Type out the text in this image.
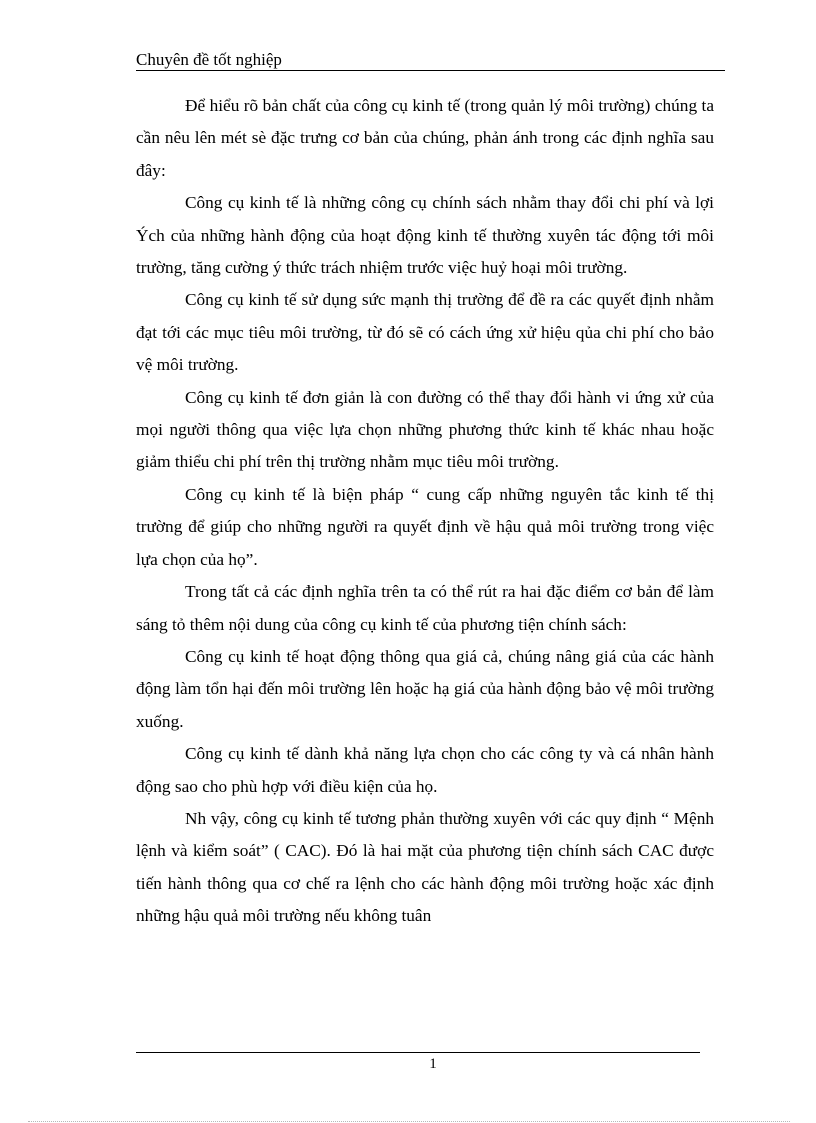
Chuyên đề tốt nghiệp

Để hiểu rõ bản chất của công cụ kinh tế (trong quản lý môi trường) chúng ta cần nêu lên mét sè đặc trưng cơ bản của chúng, phản ánh trong các định nghĩa sau đây:

Công cụ kinh tế là những công cụ chính sách nhằm thay đổi chi phí và lợi Ých của những hành động của hoạt động kinh tế thường xuyên tác động tới môi trường, tăng cường ý thức trách nhiệm trước việc huỷ hoại môi trường.

Công cụ kinh tế sử dụng sức mạnh thị trường để đề ra các quyết định nhằm đạt tới các mục tiêu môi trường, từ đó sẽ có cách ứng xử hiệu qủa chi phí cho bảo vệ môi trường.

Công cụ kinh tế đơn giản là con đường có thể thay đổi hành vi ứng xử của mọi người thông qua việc lựa chọn những phương thức kinh tế khác nhau hoặc giảm thiểu chi phí trên thị trường nhằm mục tiêu môi trường.

Công cụ kinh tế là biện pháp “ cung cấp những nguyên tắc kinh tế thị trường để giúp cho những người ra quyết định về hậu quả môi trường trong việc lựa chọn của họ”.

Trong tất cả các định nghĩa trên ta có thể rút ra hai đặc điểm cơ bản để làm sáng tỏ thêm nội dung của công cụ kinh tế của phương tiện chính sách:

Công cụ kinh tế hoạt động thông qua giá cả, chúng nâng giá của các hành động làm tổn hại đến môi trường lên hoặc hạ giá của hành động bảo vệ môi trường xuống.

Công cụ kinh tế dành khả năng lựa chọn cho các công ty và cá nhân hành động sao cho phù hợp với điều kiện của họ.

Nh vậy, công cụ kinh tế tương phản thường xuyên với các quy định “ Mệnh lệnh và kiểm soát” ( CAC). Đó là hai mặt của phương tiện chính sách CAC được tiến hành thông qua cơ chế ra lệnh cho các hành động môi trường hoặc xác định những hậu quả môi trường nếu không tuân

1
